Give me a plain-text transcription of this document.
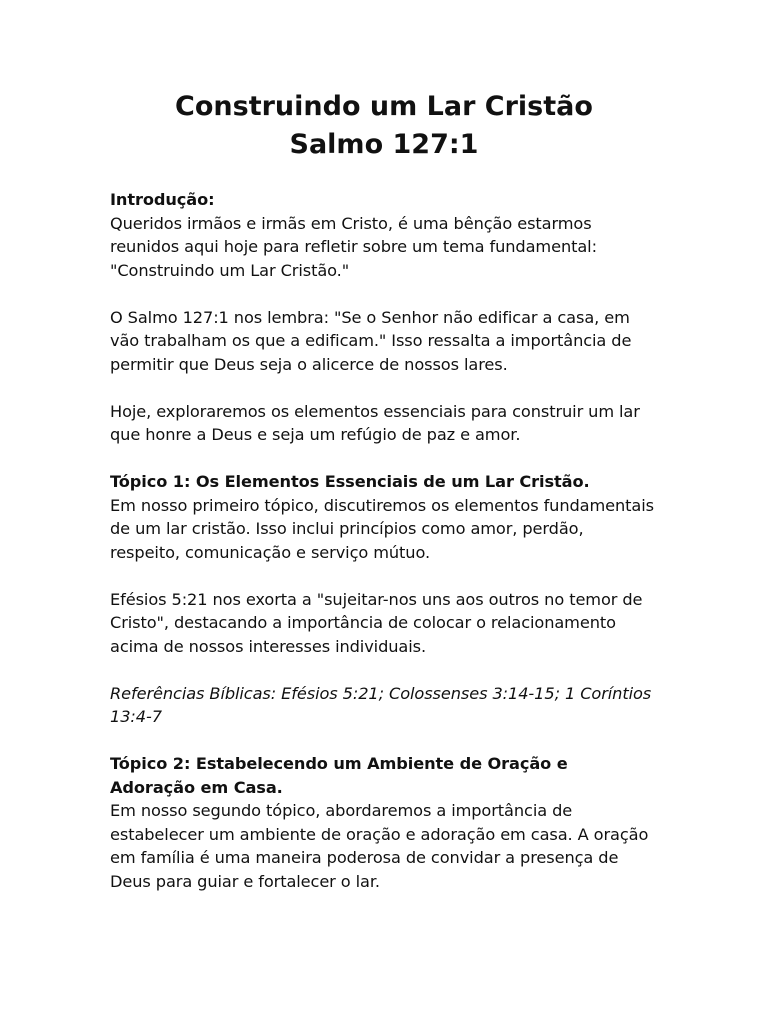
Construindo um Lar Cristão
Salmo 127:1

Introdução:
Queridos irmãos e irmãs em Cristo, é uma bênção estarmos reunidos aqui hoje para refletir sobre um tema fundamental: "Construindo um Lar Cristão."

O Salmo 127:1 nos lembra: "Se o Senhor não edificar a casa, em vão trabalham os que a edificam." Isso ressalta a importância de permitir que Deus seja o alicerce de nossos lares.

Hoje, exploraremos os elementos essenciais para construir um lar que honre a Deus e seja um refúgio de paz e amor.

Tópico 1: Os Elementos Essenciais de um Lar Cristão.
Em nosso primeiro tópico, discutiremos os elementos fundamentais de um lar cristão. Isso inclui princípios como amor, perdão, respeito, comunicação e serviço mútuo.

Efésios 5:21 nos exorta a "sujeitar-nos uns aos outros no temor de Cristo", destacando a importância de colocar o relacionamento acima de nossos interesses individuais.

Referências Bíblicas: Efésios 5:21; Colossenses 3:14-15; 1 Coríntios 13:4-7

Tópico 2: Estabelecendo um Ambiente de Oração e Adoração em Casa.
Em nosso segundo tópico, abordaremos a importância de estabelecer um ambiente de oração e adoração em casa. A oração em família é uma maneira poderosa de convidar a presença de Deus para guiar e fortalecer o lar.
